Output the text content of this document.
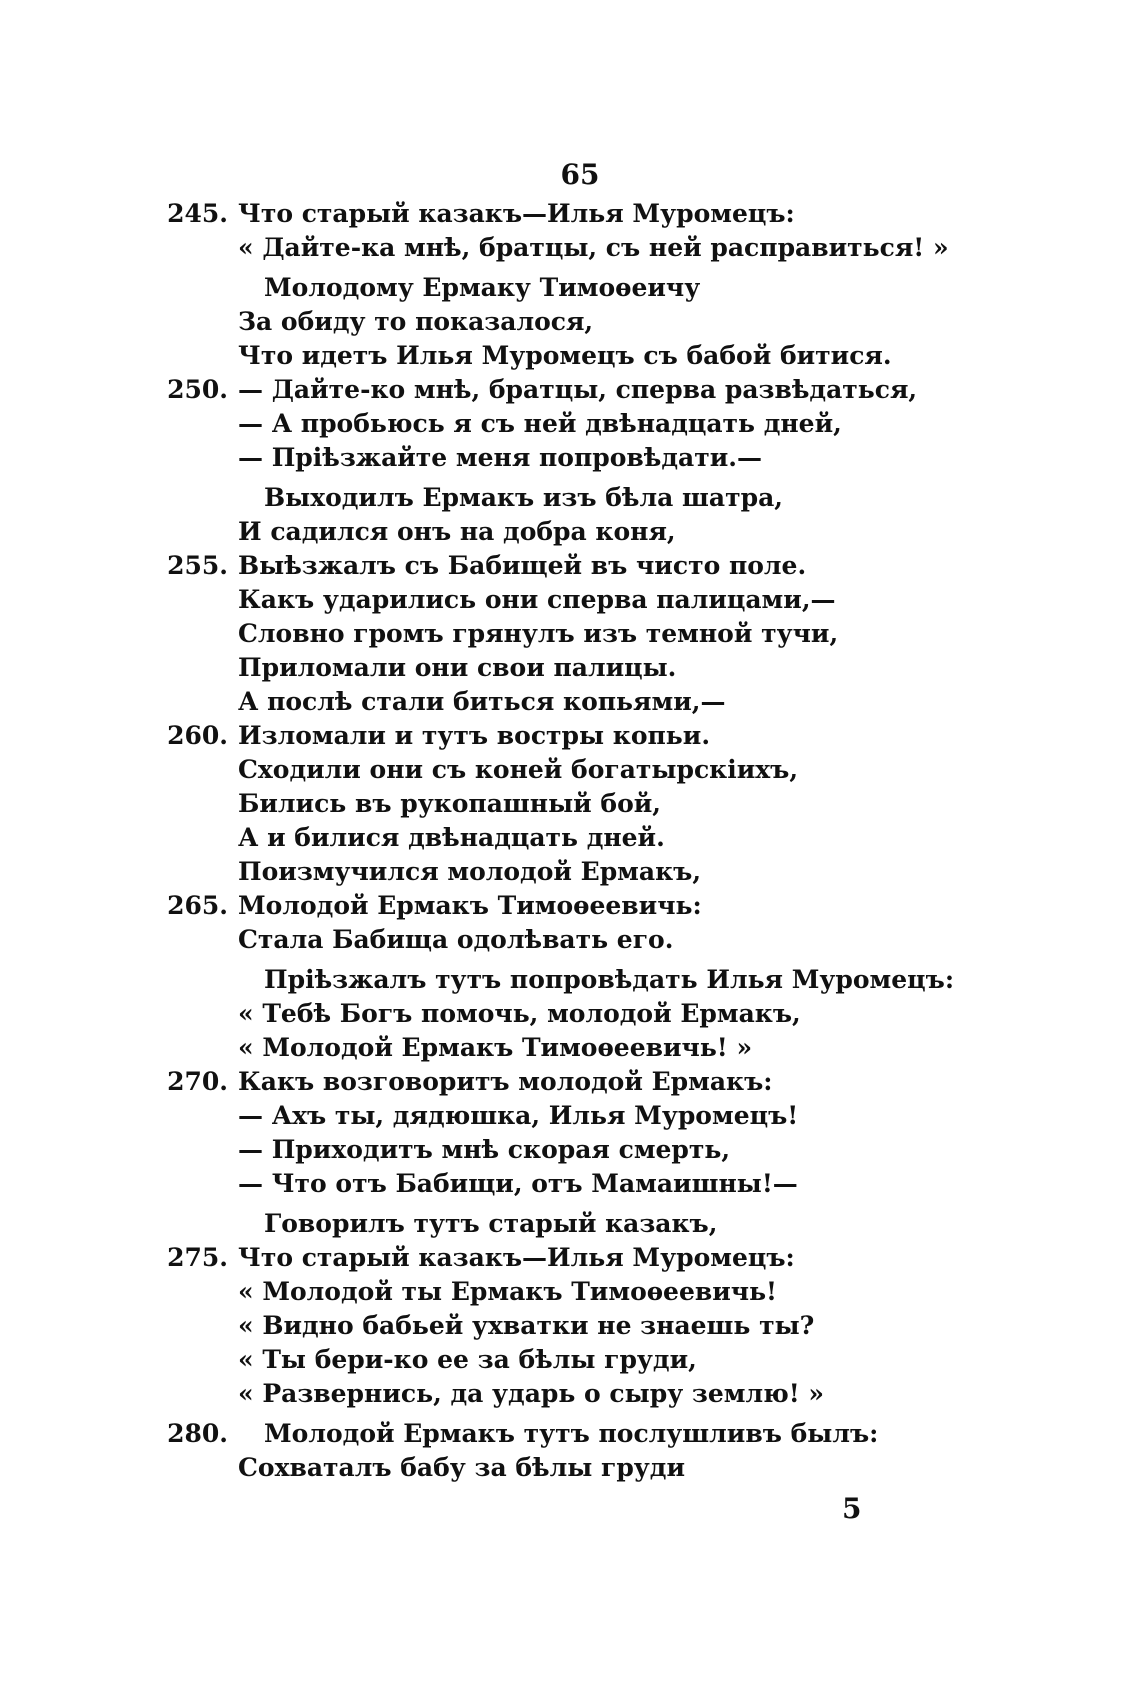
65
245. Что старый казакъ—Илья Муромецъ:
« Дайте-ка мнѣ, братцы, съ ней расправиться! »
Молодому Ермаку Тимоѳеичу
За обиду то показалося,
Что идетъ Илья Муромецъ съ бабой битися.
250. — Дайте-ко мнѣ, братцы, сперва развѣдаться,
— А пробьюсь я съ ней двѣнадцать дней,
— Пріѣзжайте меня попровѣдати.—
Выходилъ Ермакъ изъ бѣла шатра,
И садился онъ на добра коня,
255. Выѣзжалъ съ Бабищей въ чисто поле.
Какъ ударились они сперва палицами,—
Словно громъ грянулъ изъ темной тучи,
Приломали они свои палицы.
А послѣ стали биться копьями,—
260. Изломали и тутъ востры копьи.
Сходили они съ коней богатырскіихъ,
Бились въ рукопашный бой,
А и билися двѣнадцать дней.
Поизмучился молодой Ермакъ,
265. Молодой Ермакъ Тимоѳеевичь:
Стала Бабища одолѣвать его.
Пріѣзжалъ тутъ попровѣдать Илья Муромецъ:
« Тебѣ Богъ помочь, молодой Ермакъ,
« Молодой Ермакъ Тимоѳеевичь! »
270. Какъ возговоритъ молодой Ермакъ:
— Ахъ ты, дядюшка, Илья Муромецъ!
— Приходитъ мнѣ скорая смерть,
— Что отъ Бабищи, отъ Мамаишны!—
Говорилъ тутъ старый казакъ,
275. Что старый казакъ—Илья Муромецъ:
« Молодой ты Ермакъ Тимоѳеевичь!
« Видно бабьей ухватки не знаешь ты?
« Ты бери-ко ее за бѣлы груди,
« Развернись, да ударь о сыру землю! »
280. Молодой Ермакъ тутъ послушливъ былъ:
Сохваталъ бабу за бѣлы груди
5
